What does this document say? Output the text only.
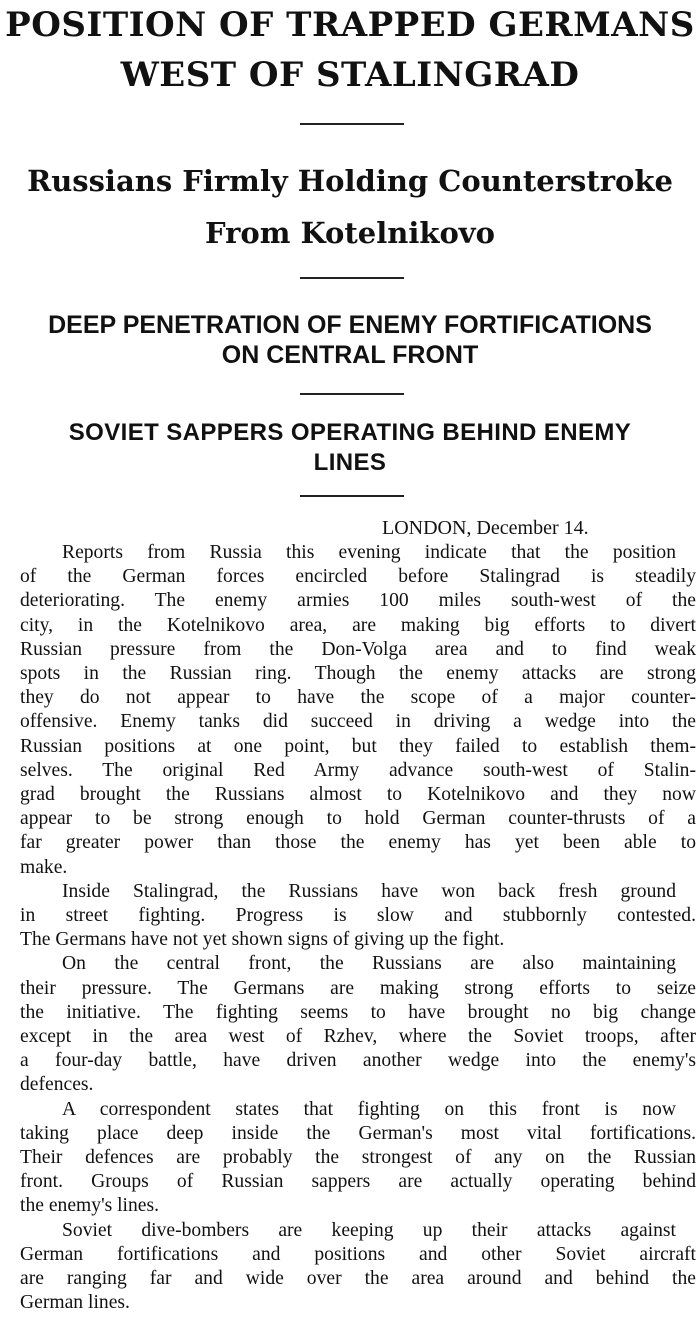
POSITION OF TRAPPED GERMANS
WEST OF STALINGRAD
Russians Firmly Holding Counterstroke
From Kotelnikovo
DEEP PENETRATION OF ENEMY FORTIFICATIONS
ON CENTRAL FRONT
SOVIET SAPPERS OPERATING BEHIND ENEMY
LINES
LONDON, December 14.
Reports from Russia this evening indicate that the position
of the German forces encircled before Stalingrad is steadily
deteriorating. The enemy armies 100 miles south-west of the
city, in the Kotelnikovo area, are making big efforts to divert
Russian pressure from the Don-Volga area and to find weak
spots in the Russian ring. Though the enemy attacks are strong
they do not appear to have the scope of a major counter-
offensive. Enemy tanks did succeed in driving a wedge into the
Russian positions at one point, but they failed to establish them-
selves. The original Red Army advance south-west of Stalin-
grad brought the Russians almost to Kotelnikovo and they now
appear to be strong enough to hold German counter-thrusts of a
far greater power than those the enemy has yet been able to
make.
Inside Stalingrad, the Russians have won back fresh ground
in street fighting. Progress is slow and stubbornly contested.
The Germans have not yet shown signs of giving up the fight.
On the central front, the Russians are also maintaining
their pressure. The Germans are making strong efforts to seize
the initiative. The fighting seems to have brought no big change
except in the area west of Rzhev, where the Soviet troops, after
a four-day battle, have driven another wedge into the enemy's
defences.
A correspondent states that fighting on this front is now
taking place deep inside the German's most vital fortifications.
Their defences are probably the strongest of any on the Russian
front. Groups of Russian sappers are actually operating behind
the enemy's lines.
Soviet dive-bombers are keeping up their attacks against
German fortifications and positions and other Soviet aircraft
are ranging far and wide over the area around and behind the
German lines.
